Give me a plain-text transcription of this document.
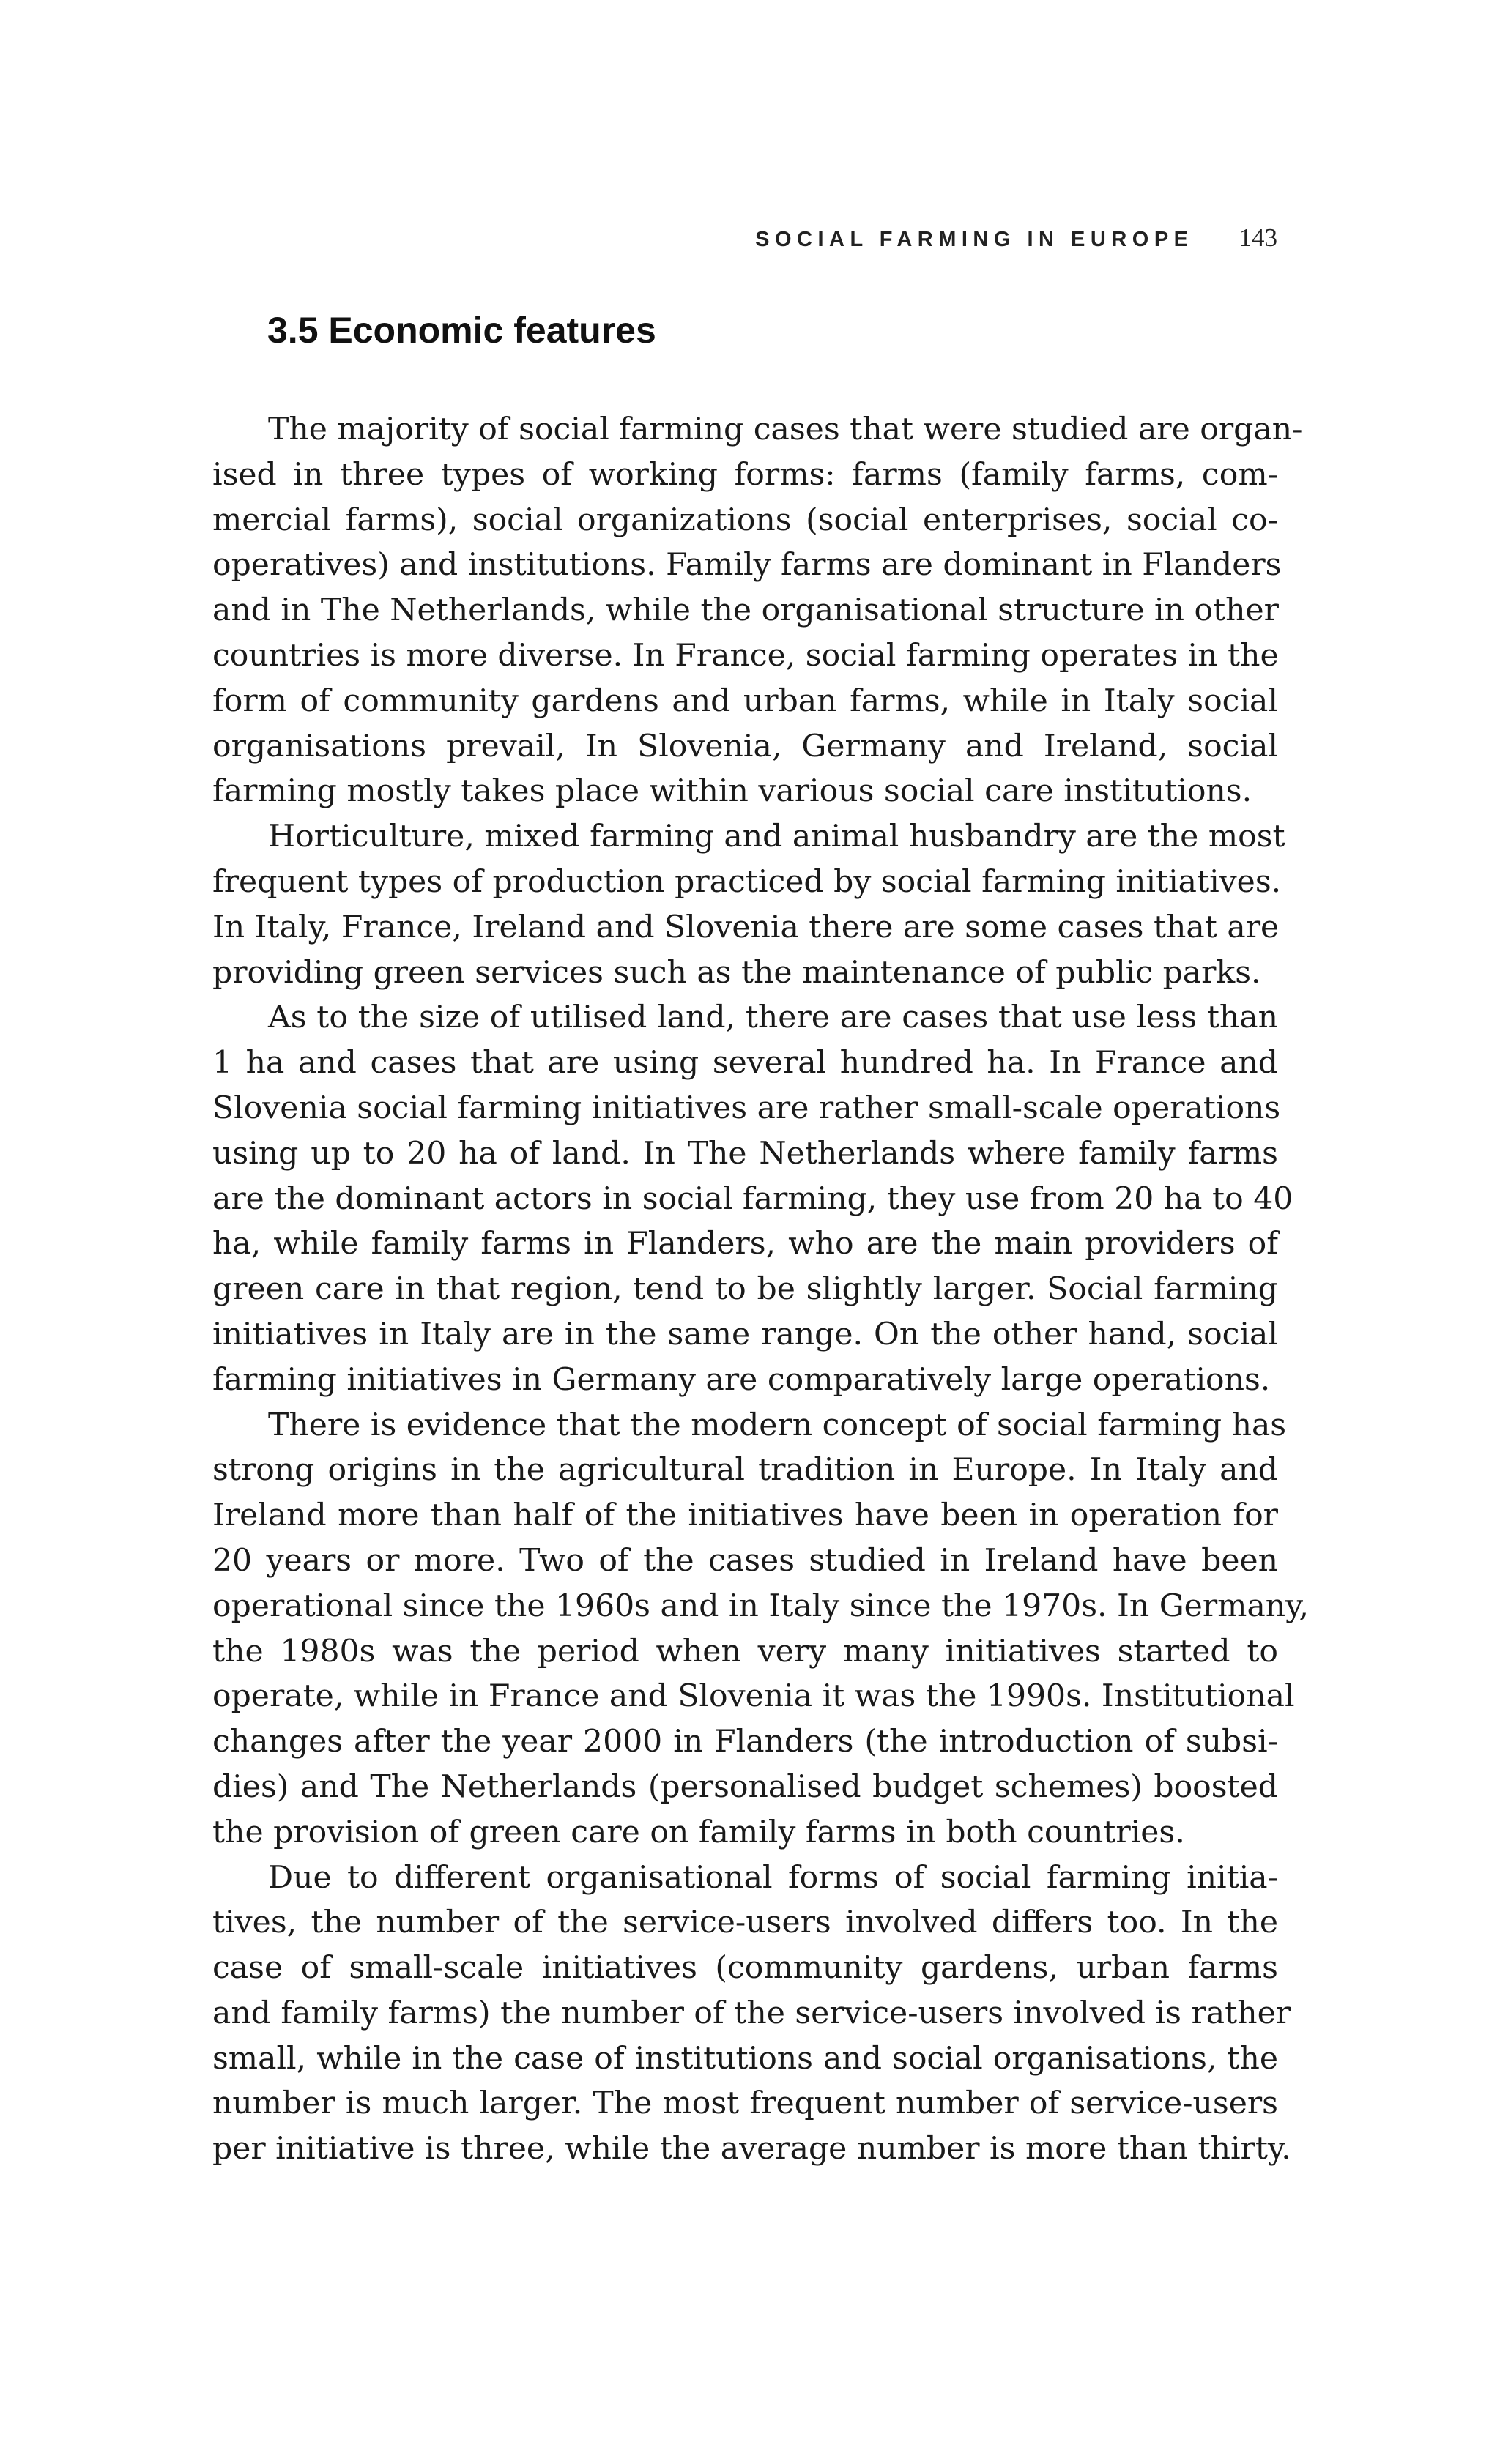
SOCIAL FARMING IN EUROPE 143
3.5 Economic features
The majority of social farming cases that were studied are organ-
ised in three types of working forms: farms (family farms, com-
mercial farms), social organizations (social enterprises, social co-
operatives) and institutions. Family farms are dominant in Flanders
and in The Netherlands, while the organisational structure in other
countries is more diverse. In France, social farming operates in the
form of community gardens and urban farms, while in Italy social
organisations prevail, In Slovenia, Germany and Ireland, social
farming mostly takes place within various social care institutions.
Horticulture, mixed farming and animal husbandry are the most
frequent types of production practiced by social farming initiatives.
In Italy, France, Ireland and Slovenia there are some cases that are
providing green services such as the maintenance of public parks.
As to the size of utilised land, there are cases that use less than
1 ha and cases that are using several hundred ha. In France and
Slovenia social farming initiatives are rather small-scale operations
using up to 20 ha of land. In The Netherlands where family farms
are the dominant actors in social farming, they use from 20 ha to 40
ha, while family farms in Flanders, who are the main providers of
green care in that region, tend to be slightly larger. Social farming
initiatives in Italy are in the same range. On the other hand, social
farming initiatives in Germany are comparatively large operations.
There is evidence that the modern concept of social farming has
strong origins in the agricultural tradition in Europe. In Italy and
Ireland more than half of the initiatives have been in operation for
20 years or more. Two of the cases studied in Ireland have been
operational since the 1960s and in Italy since the 1970s. In Germany,
the 1980s was the period when very many initiatives started to
operate, while in France and Slovenia it was the 1990s. Institutional
changes after the year 2000 in Flanders (the introduction of subsi-
dies) and The Netherlands (personalised budget schemes) boosted
the provision of green care on family farms in both countries.
Due to different organisational forms of social farming initia-
tives, the number of the service-users involved differs too. In the
case of small-scale initiatives (community gardens, urban farms
and family farms) the number of the service-users involved is rather
small, while in the case of institutions and social organisations, the
number is much larger. The most frequent number of service-users
per initiative is three, while the average number is more than thirty.
